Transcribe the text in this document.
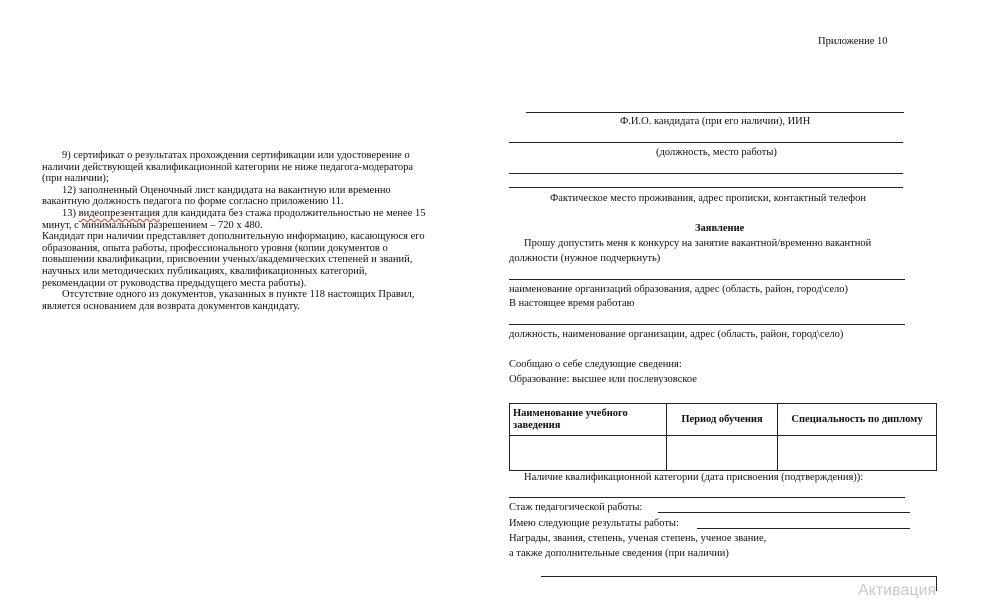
Приложение 10
9) сертификат о результатах прохождения сертификации или удостоверение о
наличии действующей квалификационной категории не ниже педагога-модератора
(при наличии);
12) заполненный Оценочный лист кандидата на вакантную или временно
вакантную должность педагога по форме согласно приложению 11.
13) видеопрезентация для кандидата без стажа продолжительностью не менее 15
минут, с минимальным разрешением – 720 x 480.
Кандидат при наличии представляет дополнительную информацию, касающуюся его
образования, опыта работы, профессионального уровня (копии документов о
повышении квалификации, присвоении ученых/академических степеней и званий,
научных или методических публикациях, квалификационных категорий,
рекомендации от руководства предыдущего места работы).
Отсутствие одного из документов, указанных в пункте 118 настоящих Правил,
является основанием для возврата документов кандидату.
Ф.И.О. кандидата (при его наличии), ИИН
(должность, место работы)
Фактическое место проживания, адрес прописки, контактный телефон
Заявление
Прошу допустить меня к конкурсу на занятие вакантной/временно вакантной
должности (нужное подчеркнуть)
наименование организаций образования, адрес (область, район, город\село)
В настоящее время работаю
должность, наименование организации, адрес (область, район, город\село)
Сообщаю о себе следующие сведения:
Образование: высшее или послевузовское
Наименование учебного заведения	Период обучения	Специальность по диплому

Наличие квалификационной категории (дата присвоения (подтверждения)):
Стаж педагогической работы:
Имею следующие результаты работы:
Награды, звания, степень, ученая степень, ученое звание,
а также дополнительные сведения (при наличии)
Активация
